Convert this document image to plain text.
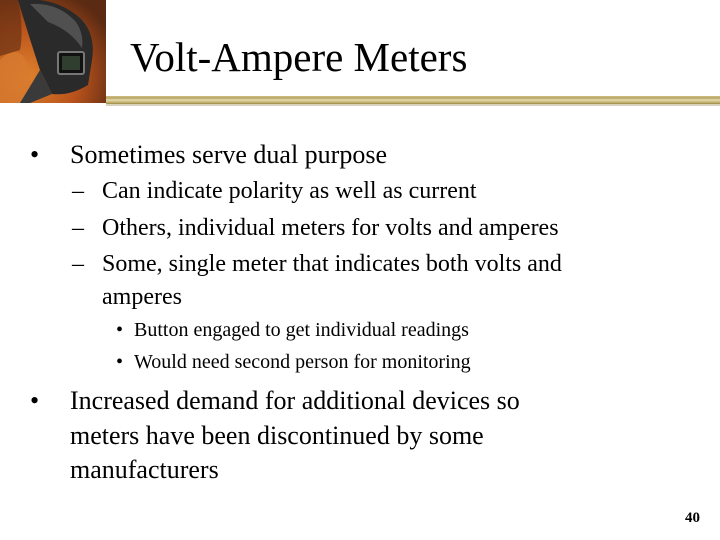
Volt-Ampere Meters
• Sometimes serve dual purpose
– Can indicate polarity as well as current
– Others, individual meters for volts and amperes
– Some, single meter that indicates both volts and
amperes
• Button engaged to get individual readings
• Would need second person for monitoring
• Increased demand for additional devices so
meters have been discontinued by some
manufacturers
40
